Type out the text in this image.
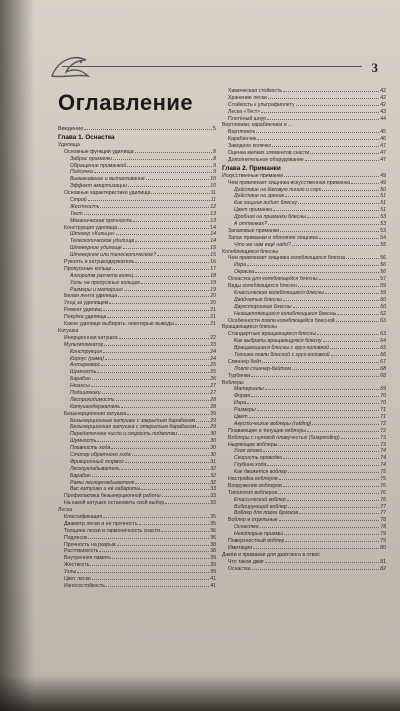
3
Оглавление
Введение	5
Глава 1. Оснастка
Удилища
Основные функции удилища	8
Забрас приманки	8
Обращение приманкой	9
Подсечка	9
Вываживание и вытаскивание	10
Эффект амортизации	10
Основные характеристики удилища	11
Строй	11
Жесткость	12
Тест	13
Механическая прочность	13
Конструкция удилища	14
Штекер «Кольца»	14
Телескопическое удилище	14
Штекерное удилище	15
Штекерное или телескопическое?	15
Рукоять и катушкодержатель	16
Пропускные кольца	17
Алгоритм расчета колец	18
Углы на пропускных кольцах	19
Размеры и материал	19
Белая лента удилища	20
Уход за удилищем	20
Ремонт удилищ	21
Покупка удилища	21
Какое удилище выбирать: некоторые выводы	21
Катушка
Инерционная катушка	22
Мультипликатор	23
Конструкция	24
Корпус (рама)	24
Антиреверс	25
Шумность	25
Барабан	26
Нюансы	27
Подшипники	27
Леспроходимость	28
Катушкодержатель	28
Безынерционная катушка	29
Безынерционные катушки с закрытым барабаном	29
Безынерционная катушка с открытым барабаном	29
Передаточное число и скорость подмотки	30
Шумность	30
Плавность хода	30
Стопор обратного хода	30
Фрикционный тормоз	31
Лескоукладыватель	32
Барабан	32
Рамы лескоукладывателя	32
Вес катушки и её габариты	33
Профилактика безынерционной работы	33
На какой катушке остановить свой выбор	33
Леска
Классификация	35
Диаметр лески и ее прочность	35
Толщина лески и гармоничность снасти	36
Подлесок	36
Прочность на разрыв	38
Растяжимость	38
Внутренняя память	39
Жесткость	39
Узлы	39
Цвет лески	41
Износостойкость	41
Химическая стойкость	42
Хранение лески	42
Стойкость к ультрафиолету	42
Леска «Тест»	43
Плетёный шнур	44
Вертлюжки, карабинчики и ...
Вертлюжок	45
Карабинчик	46
Заводное колечко	47
Оценка мелких элементов снасти	47
Дополнительное оборудование	47
Глава 2. Приманки
Искусственные приманки	49
Чем привлекает хищника искусственная приманка	49
Действие на боковую линию и слух	50
Действие на зрение	51
Как хищник видит блесну	51
Цвет приманки	51
Дробная на приманки блесны	53
А оттенках?	53
Запаховые приманки	53
Запах приманки и обоняние хищника	54
Что же нам ещё надо?	55
Колеблющиеся блесны
Чем привлекает хищника колеблющаяся блесна	56
Игра	56
Окраска	56
Оснастка для колеблющейся блесны	57
Виды колеблющихся блесен	59
Классические колеблющиеся блесны	59
Двойчатые блесны	60
Двухсторонние блесны	60
Незацепляющиеся колеблющиеся блесны	62
Особенности ловли колеблющейся блесной	63
Вращающиеся блесны
Стандартные вращающиеся блесны	63
Как выбрать вращающуюся блесну	64
Вращающиеся блесны с груз-головкой	65
Техника ловли блесной с груз-головкой	66
Спиннер бейт	67
Ловля спиннер-бейтом	68
Турбинки	68
Воблеры
Материалы	69
Форма	70
Игра	70
Размеры	71
Цвет	71
Акустические воблеры (rattling)	72
Плавающие и тонущие воблеры	72
Воблеры с нулевой плавучестью (Suspending)	73
Ныряющие воблеры	73
Угол атаки	74
Скорость проводки	74
Глубина хода	74
Как движется воблер	75
Настройка воблеров	75
Вооружение воблеров	76
Типология воблеров	76
Классический воблер	76
Вибрирующий воблер	77
Воблер для ловли бросков	77
Воблер и отдельные	78
Оснастка	78
Некоторые приемы	79
Поверхностный воблер	79
Имитации	80
Джиги и приманки для джиггинга в отвес
Что такое джиг	81
Оснастка	82
